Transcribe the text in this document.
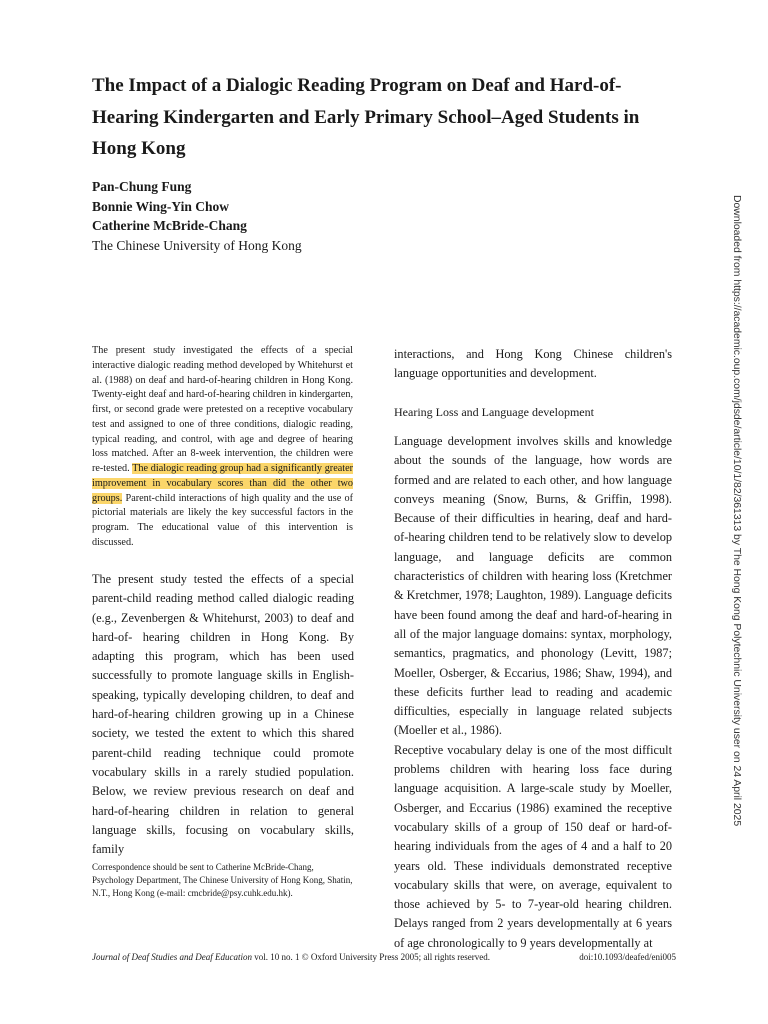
The Impact of a Dialogic Reading Program on Deaf and Hard-of-Hearing Kindergarten and Early Primary School–Aged Students in Hong Kong
Pan-Chung Fung
Bonnie Wing-Yin Chow
Catherine McBride-Chang
The Chinese University of Hong Kong

The present study investigated the effects of a special interactive dialogic reading method developed by Whitehurst et al. (1988) on deaf and hard-of-hearing children in Hong Kong. Twenty-eight deaf and hard-of-hearing children in kindergarten, first, or second grade were pretested on a receptive vocabulary test and assigned to one of three conditions, dialogic reading, typical reading, and control, with age and degree of hearing loss matched. After an 8-week intervention, the children were re-tested. The dialogic reading group had a significantly greater improvement in vocabulary scores than did the other two groups. Parent-child interactions of high quality and the use of pictorial materials are likely the key successful factors in the program. The educational value of this intervention is discussed.

The present study tested the effects of a special parent-child reading method called dialogic reading (e.g., Zevenbergen & Whitehurst, 2003) to deaf and hard-of- hearing children in Hong Kong. By adapting this program, which has been used successfully to promote language skills in English-speaking, typically developing children, to deaf and hard-of-hearing children growing up in a Chinese society, we tested the extent to which this shared parent-child reading technique could promote vocabulary skills in a rarely studied population. Below, we review previous research on deaf and hard-of-hearing children in relation to general language skills, focusing on vocabulary skills, family

Correspondence should be sent to Catherine McBride-Chang, Psychology Department, The Chinese University of Hong Kong, Shatin, N.T., Hong Kong (e-mail: cmcbride@psy.cuhk.edu.hk).

interactions, and Hong Kong Chinese children's language opportunities and development.

Hearing Loss and Language development

Language development involves skills and knowledge about the sounds of the language, how words are formed and are related to each other, and how language conveys meaning (Snow, Burns, & Griffin, 1998). Because of their difficulties in hearing, deaf and hard-of-hearing children tend to be relatively slow to develop language, and language deficits are common characteristics of children with hearing loss (Kretchmer & Kretchmer, 1978; Laughton, 1989). Language deficits have been found among the deaf and hard-of-hearing in all of the major language domains: syntax, morphology, semantics, pragmatics, and phonology (Levitt, 1987; Moeller, Osberger, & Eccarius, 1986; Shaw, 1994), and these deficits further lead to reading and academic difficulties, especially in language related subjects (Moeller et al., 1986).

Receptive vocabulary delay is one of the most difficult problems children with hearing loss face during language acquisition. A large-scale study by Moeller, Osberger, and Eccarius (1986) examined the receptive vocabulary skills of a group of 150 deaf or hard-of-hearing individuals from the ages of 4 and a half to 20 years old. These individuals demonstrated receptive vocabulary skills that were, on average, equivalent to those achieved by 5- to 7-year-old hearing children. Delays ranged from 2 years developmentally at 6 years of age chronologically to 9 years developmentally at

Journal of Deaf Studies and Deaf Education vol. 10 no. 1 © Oxford University Press 2005; all rights reserved.	doi:10.1093/deafed/eni005
Downloaded from https://academic.oup.com/jdsde/article/10/1/82/361313 by The Hong Kong Polytechnic University user on 24 April 2025
